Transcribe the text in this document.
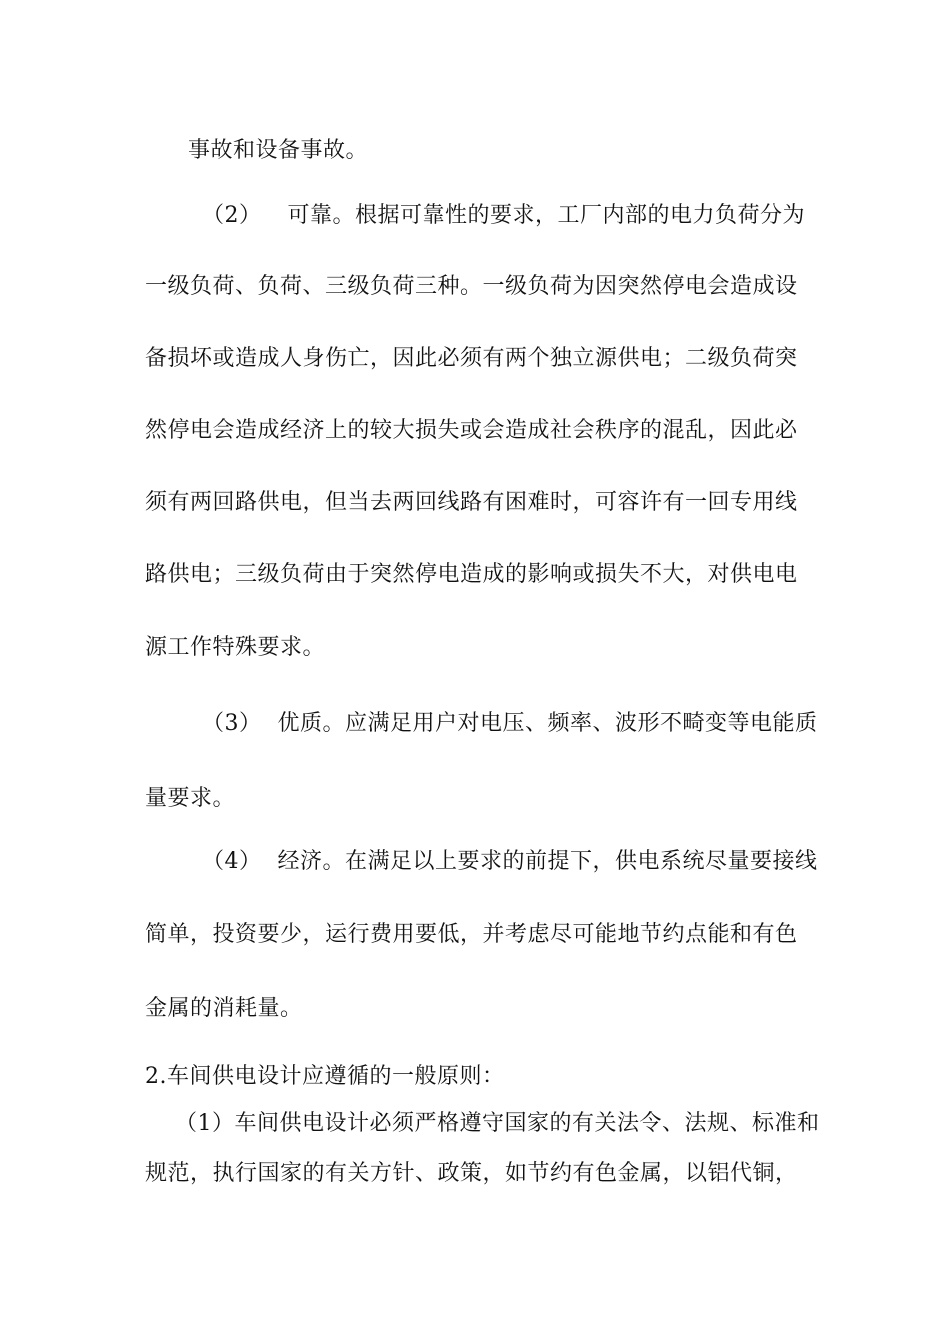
事故和设备事故。
（2） 可靠。根据可靠性的要求，工厂内部的电力负荷分为
一级负荷、负荷、三级负荷三种。一级负荷为因突然停电会造成设
备损坏或造成人身伤亡，因此必须有两个独立源供电；二级负荷突
然停电会造成经济上的较大损失或会造成社会秩序的混乱，因此必
须有两回路供电，但当去两回线路有困难时，可容许有一回专用线
路供电；三级负荷由于突然停电造成的影响或损失不大，对供电电
源工作特殊要求。
（3） 优质。应满足用户对电压、频率、波形不畸变等电能质
量要求。
（4） 经济。在满足以上要求的前提下，供电系统尽量要接线
简单，投资要少，运行费用要低，并考虑尽可能地节约点能和有色
金属的消耗量。
2.车间供电设计应遵循的一般原则：
（1）车间供电设计必须严格遵守国家的有关法令、法规、标准和
规范，执行国家的有关方针、政策，如节约有色金属，以铝代铜，
